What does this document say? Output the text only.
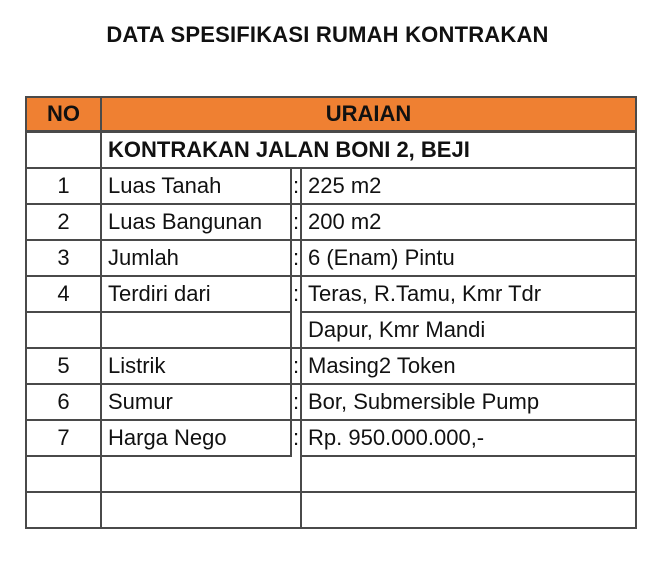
DATA SPESIFIKASI RUMAH KONTRAKAN
NO	URAIAN		
	KONTRAKAN JALAN BONI 2, BEJI		
1	Luas Tanah	:	225 m2
2	Luas Bangunan	:	200 m2
3	Jumlah	:	6 (Enam) Pintu
4	Terdiri dari	:	Teras, R.Tamu, Kmr Tdr
			Dapur, Kmr Mandi
5	Listrik	:	Masing2 Token
6	Sumur	:	Bor, Submersible Pump
7	Harga Nego	:	Rp. 950.000.000,-
